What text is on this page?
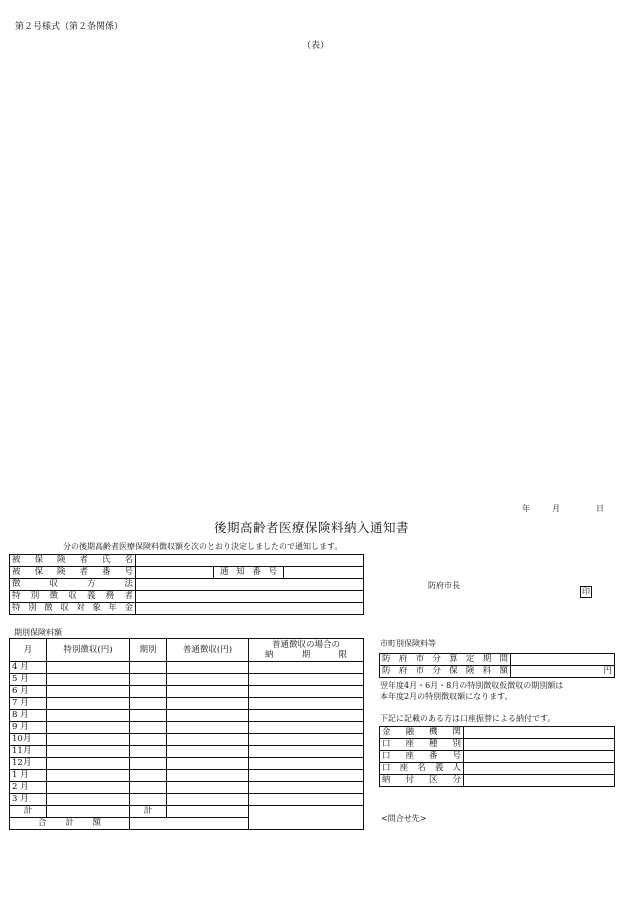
第２号様式（第２条関係）
（表）
年	月	日
後期高齢者医療保険料納入通知書
分の後期高齢者医療保険料徴収額を次のとおり決定しましたので通知します。
被 保 険 者 氏 名			
被 保 険 者 番 号		通 知 番 号	
徴 収 方 法			
特 別 徴 収 義 務 者			
特 別 徴 収 対 象 年 金			
防府市長
印
期別保険料額
月	特別徴収(円)	期別	普通徴収(円)	普通徴収の場合の
納 期 限

4 月				
5 月				
6 月				
7 月				
8 月				
9 月				
10月				
11月				
12月				
1 月				
2 月				
3 月				
計		計		
合 計 額				
市町別保険料等
防 府 市 分 算 定 期 間	
防 府 市 分 保 険 料 額	円
翌年度4月・6月・8月の特別徴収仮徴収の期別額は
本年度2月の特別徴収額になります。
下記に記載のある方は口座振替による納付です。
金 融 機 関	
口 座 種 別	
口 座 番 号	
口 座 名 義 人	
納 付 区 分	
<問合せ先>
